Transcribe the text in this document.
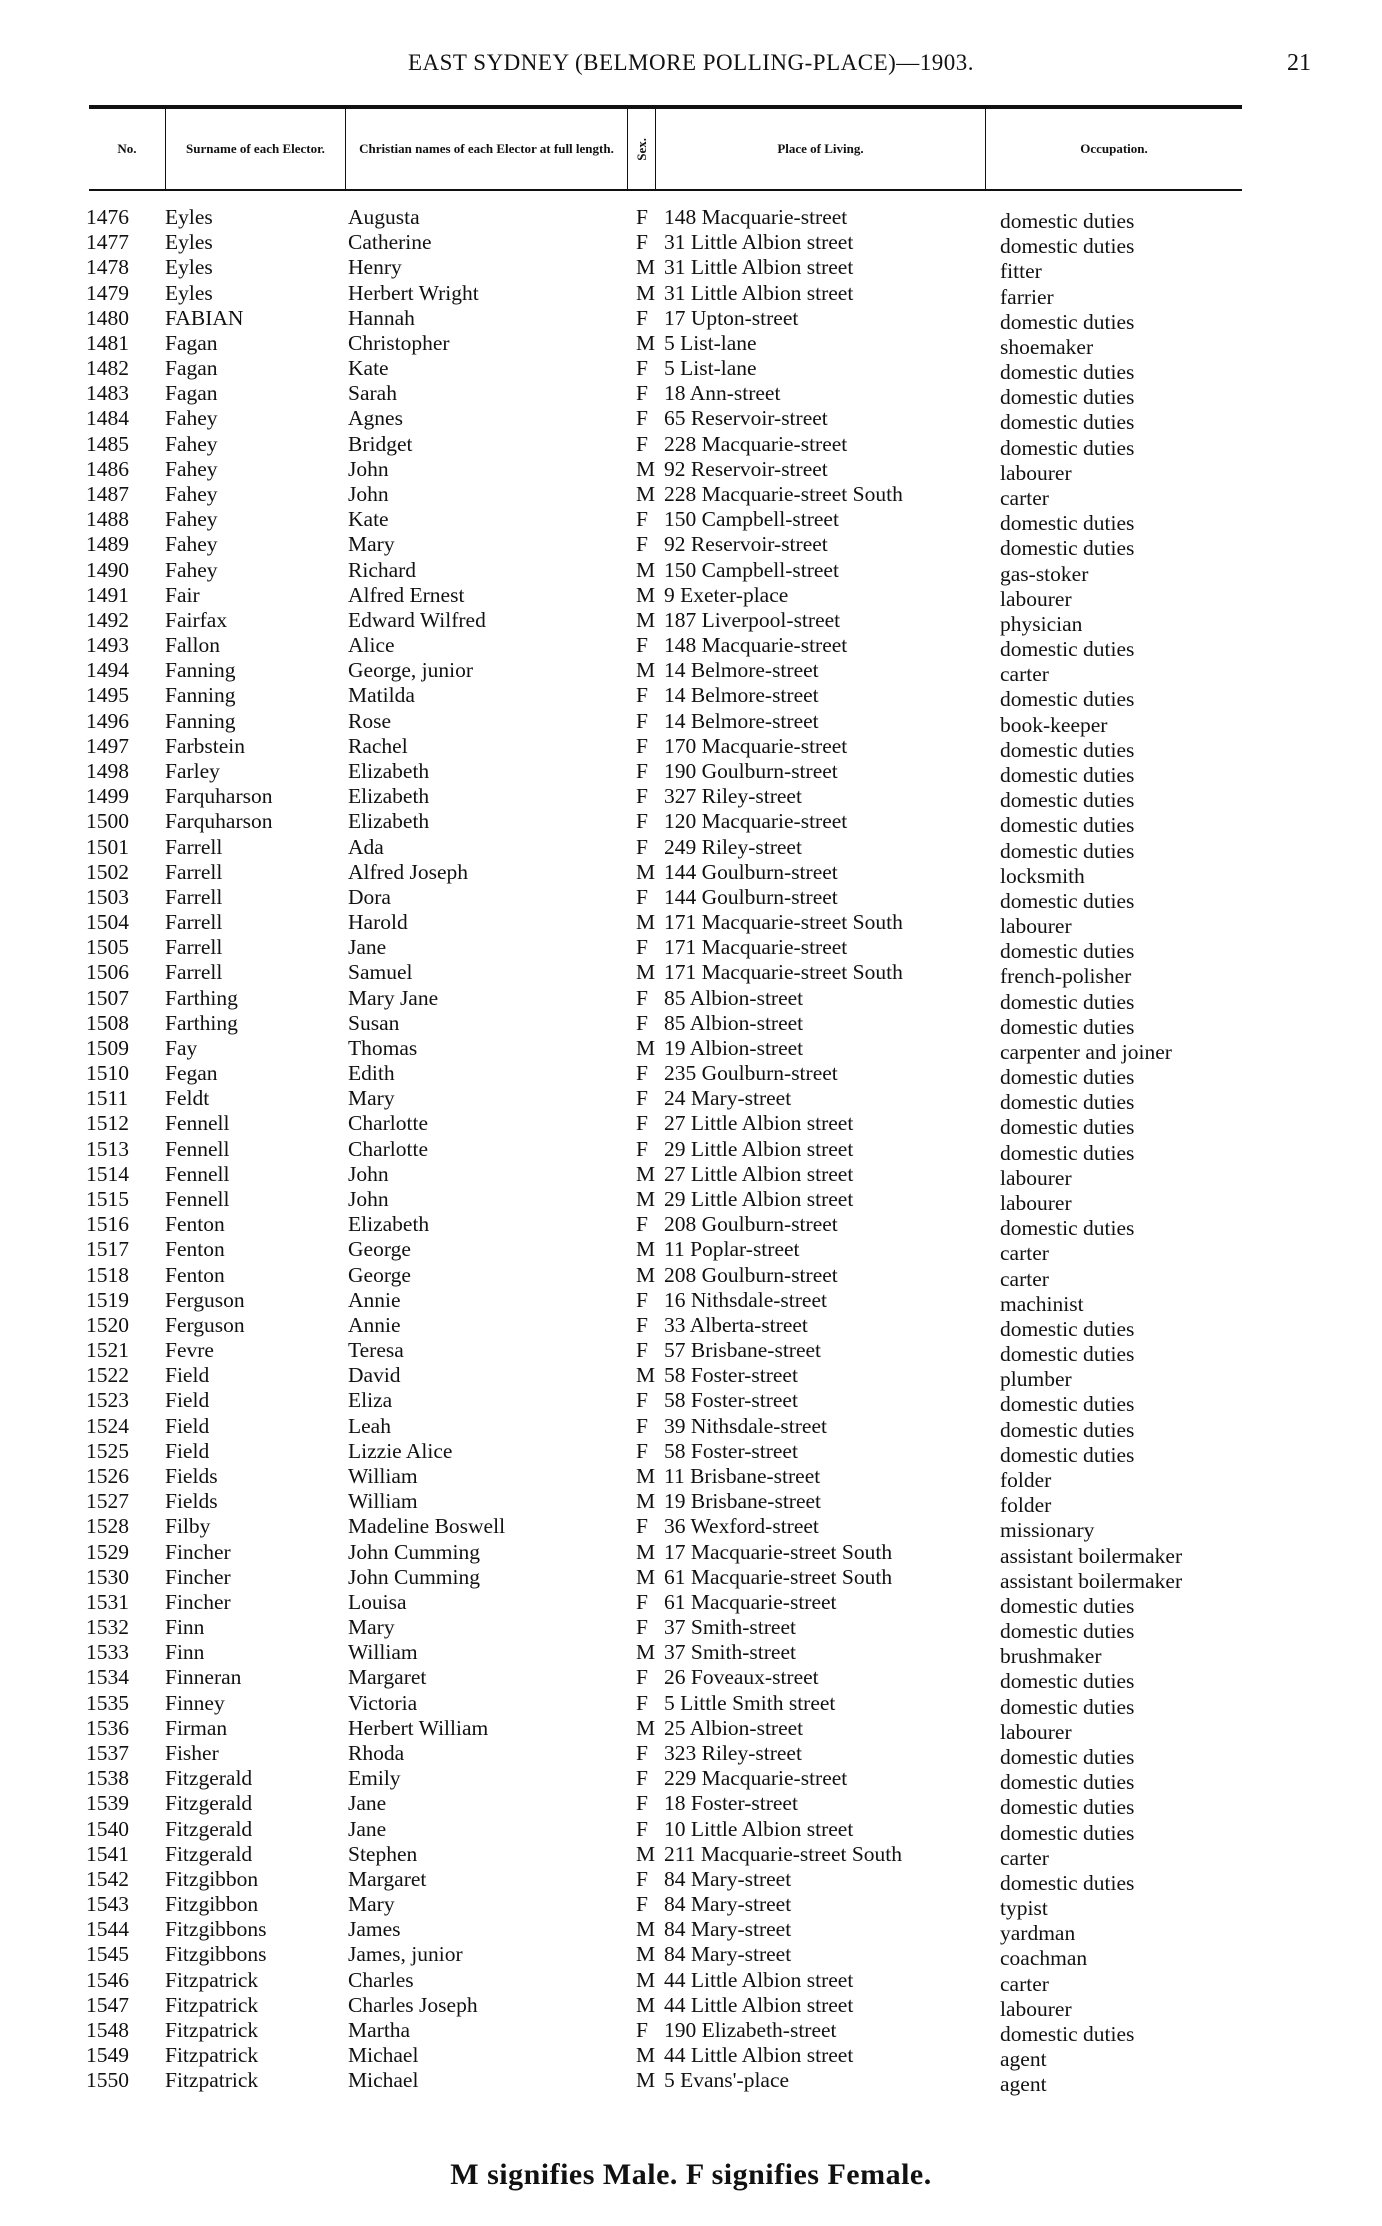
EAST SYDNEY (BELMORE POLLING-PLACE)—1903.	21
No.	Surname of each Elector.	Christian names of each Elector at full length.	Sex.	Place of Living.	Occupation.
1476 Eyles	Augusta	F 148 Macquarie-street	domestic duties
1477 Eyles	Catherine	F 31 Little Albion street	domestic duties
1478 Eyles	Henry	M 31 Little Albion street	fitter
1479 Eyles	Herbert Wright	M 31 Little Albion street	farrier
1480 FABIAN	Hannah	F 17 Upton-street	domestic duties
1481 Fagan	Christopher	M 5 List-lane	shoemaker
1482 Fagan	Kate	F 5 List-lane	domestic duties
1483 Fagan	Sarah	F 18 Ann-street	domestic duties
1484 Fahey	Agnes	F 65 Reservoir-street	domestic duties
1485 Fahey	Bridget	F 228 Macquarie-street	domestic duties
1486 Fahey	John	M 92 Reservoir-street	labourer
1487 Fahey	John	M 228 Macquarie-street South	carter
1488 Fahey	Kate	F 150 Campbell-street	domestic duties
1489 Fahey	Mary	F 92 Reservoir-street	domestic duties
1490 Fahey	Richard	M 150 Campbell-street	gas-stoker
1491 Fair	Alfred Ernest	M 9 Exeter-place	labourer
1492 Fairfax	Edward Wilfred	M 187 Liverpool-street	physician
1493 Fallon	Alice	F 148 Macquarie-street	domestic duties
1494 Fanning	George, junior	M 14 Belmore-street	carter
1495 Fanning	Matilda	F 14 Belmore-street	domestic duties
1496 Fanning	Rose	F 14 Belmore-street	book-keeper
1497 Farbstein	Rachel	F 170 Macquarie-street	domestic duties
1498 Farley	Elizabeth	F 190 Goulburn-street	domestic duties
1499 Farquharson	Elizabeth	F 327 Riley-street	domestic duties
1500 Farquharson	Elizabeth	F 120 Macquarie-street	domestic duties
1501 Farrell	Ada	F 249 Riley-street	domestic duties
1502 Farrell	Alfred Joseph	M 144 Goulburn-street	locksmith
1503 Farrell	Dora	F 144 Goulburn-street	domestic duties
1504 Farrell	Harold	M 171 Macquarie-street South	labourer
1505 Farrell	Jane	F 171 Macquarie-street	domestic duties
1506 Farrell	Samuel	M 171 Macquarie-street South	french-polisher
1507 Farthing	Mary Jane	F 85 Albion-street	domestic duties
1508 Farthing	Susan	F 85 Albion-street	domestic duties
1509 Fay	Thomas	M 19 Albion-street	carpenter and joiner
1510 Fegan	Edith	F 235 Goulburn-street	domestic duties
1511 Feldt	Mary	F 24 Mary-street	domestic duties
1512 Fennell	Charlotte	F 27 Little Albion street	domestic duties
1513 Fennell	Charlotte	F 29 Little Albion street	domestic duties
1514 Fennell	John	M 27 Little Albion street	labourer
1515 Fennell	John	M 29 Little Albion street	labourer
1516 Fenton	Elizabeth	F 208 Goulburn-street	domestic duties
1517 Fenton	George	M 11 Poplar-street	carter
1518 Fenton	George	M 208 Goulburn-street	carter
1519 Ferguson	Annie	F 16 Nithsdale-street	machinist
1520 Ferguson	Annie	F 33 Alberta-street	domestic duties
1521 Fevre	Teresa	F 57 Brisbane-street	domestic duties
1522 Field	David	M 58 Foster-street	plumber
1523 Field	Eliza	F 58 Foster-street	domestic duties
1524 Field	Leah	F 39 Nithsdale-street	domestic duties
1525 Field	Lizzie Alice	F 58 Foster-street	domestic duties
1526 Fields	William	M 11 Brisbane-street	folder
1527 Fields	William	M 19 Brisbane-street	folder
1528 Filby	Madeline Boswell	F 36 Wexford-street	missionary
1529 Fincher	John Cumming	M 17 Macquarie-street South	assistant boilermaker
1530 Fincher	John Cumming	M 61 Macquarie-street South	assistant boilermaker
1531 Fincher	Louisa	F 61 Macquarie-street	domestic duties
1532 Finn	Mary	F 37 Smith-street	domestic duties
1533 Finn	William	M 37 Smith-street	brushmaker
1534 Finneran	Margaret	F 26 Foveaux-street	domestic duties
1535 Finney	Victoria	F 5 Little Smith street	domestic duties
1536 Firman	Herbert William	M 25 Albion-street	labourer
1537 Fisher	Rhoda	F 323 Riley-street	domestic duties
1538 Fitzgerald	Emily	F 229 Macquarie-street	domestic duties
1539 Fitzgerald	Jane	F 18 Foster-street	domestic duties
1540 Fitzgerald	Jane	F 10 Little Albion street	domestic duties
1541 Fitzgerald	Stephen	M 211 Macquarie-street South	carter
1542 Fitzgibbon	Margaret	F 84 Mary-street	domestic duties
1543 Fitzgibbon	Mary	F 84 Mary-street	typist
1544 Fitzgibbons	James	M 84 Mary-street	yardman
1545 Fitzgibbons	James, junior	M 84 Mary-street	coachman
1546 Fitzpatrick	Charles	M 44 Little Albion street	carter
1547 Fitzpatrick	Charles Joseph	M 44 Little Albion street	labourer
1548 Fitzpatrick	Martha	F 190 Elizabeth-street	domestic duties
1549 Fitzpatrick	Michael	M 44 Little Albion street	agent
1550 Fitzpatrick	Michael	M 5 Evans'-place	agent
M signifies Male. F signifies Female.
